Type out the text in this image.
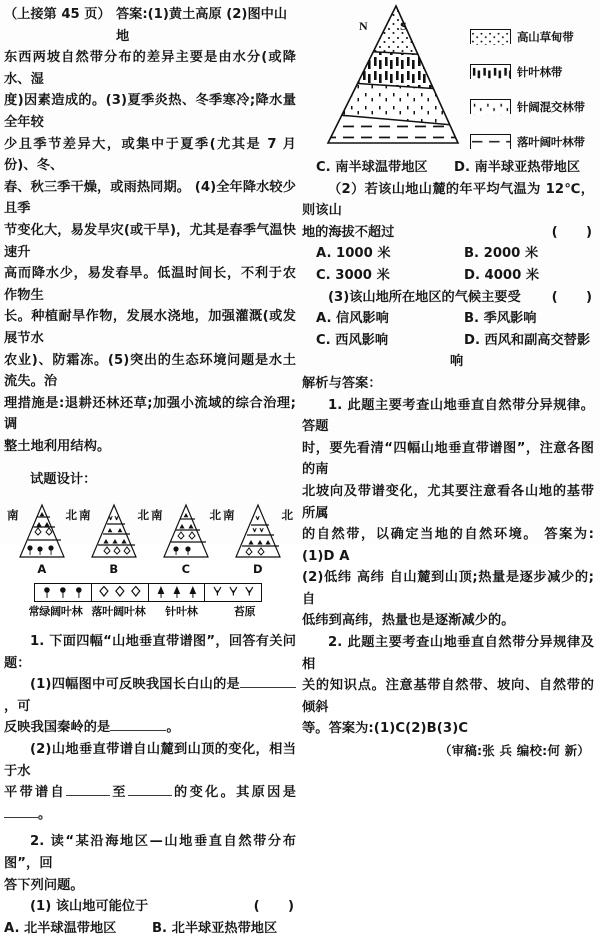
（上接第 45 页） 答案:(1)黄土高原 (2)图中山地

东西两坡自然带分布的差异主要是由水分(或降水、湿

度)因素造成的。(3)夏季炎热、冬季寒冷;降水量全年较

少且季节差异大，或集中于夏季(尤其是 7 月份)、冬、

春、秋三季干燥，或雨热同期。 (4)全年降水较少且季

节变化大，易发旱灾(或干旱)，尤其是春季气温快速升

高而降水少，易发春旱。低温时间长，不利于农作物生

长。种植耐旱作物，发展水浇地，加强灌溉(或发展节水

农业)、防霜冻。(5)突出的生态环境问题是水土流失。治

理措施是:退耕还林还草;加强小流域的综合治理;调

整土地利用结构。

试题设计：

南	北
A
南	北
B
南	北
C
南	北
D
常绿阔叶林 落叶阔叶林	针叶林	苔原

1. 下面四幅“山地垂直带谱图”，回答有关问题：

(1)四幅图中可反映我国长白山的是，可

反映我国秦岭的是	。

(2)山地垂直带谱自山麓到山顶的变化，相当于水

平带谱自	至	的变化。其原因是。

2. 读“某沿海地区—山地垂直自然带分布图”，回

答下列问题。

(1) 该山地可能位于	(    )
A. 北半球温带地区	B. 北半球亚热带地区
N	S
高山草甸带
针叶林带
针阔混交林带
落叶阔叶林带
C. 南半球温带地区	D. 南半球亚热带地区

（2）若该山地山麓的年平均气温为 12℃，则该山

地的海拔不超过	(    )
A. 1000 米	B. 2000 米
C. 3000 米	D. 4000 米
(3)该山地所在地区的气候主要受	(    )
A. 信风影响	B. 季风影响
C. 西风影响	D. 西风和副高交替影响

解析与答案：

1. 此题主要考查山地垂直自然带分异规律。答题

时，要先看清“四幅山地垂直带谱图”，注意各图的南

北坡向及带谱变化，尤其要注意看各山地的基带所属

的自然带，以确定当地的自然环境。 答案为:(1)D A

(2)低纬 高纬 自山麓到山顶;热量是逐步减少的;自

低纬到高纬，热量也是逐渐减少的。

2. 此题主要考查山地垂直自然带分异规律及相

关的知识点。注意基带自然带、坡向、自然带的倾斜

等。答案为:(1)C(2)B(3)C

（审稿:张 兵 编校:何 新）
